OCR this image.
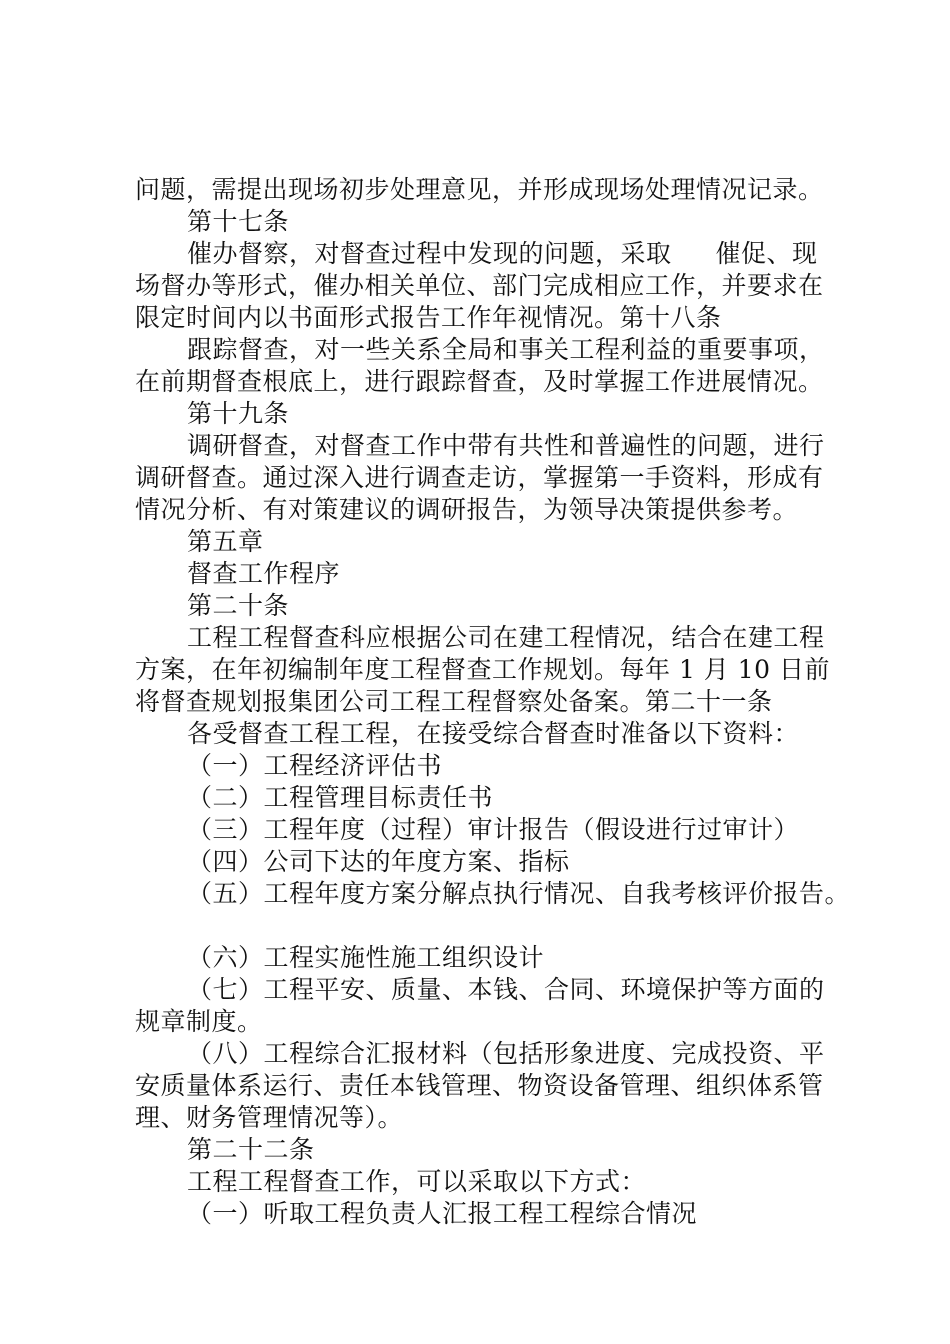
问题，需提出现场初步处理意见，并形成现场处理情况记录。
第十七条
催办督察，对督查过程中发现的问题，采取 催促、现
场督办等形式，催办相关单位、部门完成相应工作，并要求在
限定时间内以书面形式报告工作年视情况。第十八条
跟踪督查，对一些关系全局和事关工程利益的重要事项，
在前期督查根底上，进行跟踪督查，及时掌握工作进展情况。
第十九条
调研督查，对督查工作中带有共性和普遍性的问题，进行
调研督查。通过深入进行调查走访，掌握第一手资料，形成有
情况分析、有对策建议的调研报告，为领导决策提供参考。
第五章
督查工作程序
第二十条
工程工程督查科应根据公司在建工程情况，结合在建工程
方案，在年初编制年度工程督查工作规划。每年 1 月 10 日前
将督查规划报集团公司工程工程督察处备案。第二十一条
各受督查工程工程，在接受综合督查时准备以下资料：
（一）工程经济评估书
（二）工程管理目标责任书
（三）工程年度（过程）审计报告（假设进行过审计）
（四）公司下达的年度方案、指标
（五）工程年度方案分解点执行情况、自我考核评价报告。
（六）工程实施性施工组织设计
（七）工程平安、质量、本钱、合同、环境保护等方面的
规章制度。
（八）工程综合汇报材料（包括形象进度、完成投资、平
安质量体系运行、责任本钱管理、物资设备管理、组织体系管
理、财务管理情况等）。
第二十二条
工程工程督查工作，可以采取以下方式：
（一）听取工程负责人汇报工程工程综合情况
